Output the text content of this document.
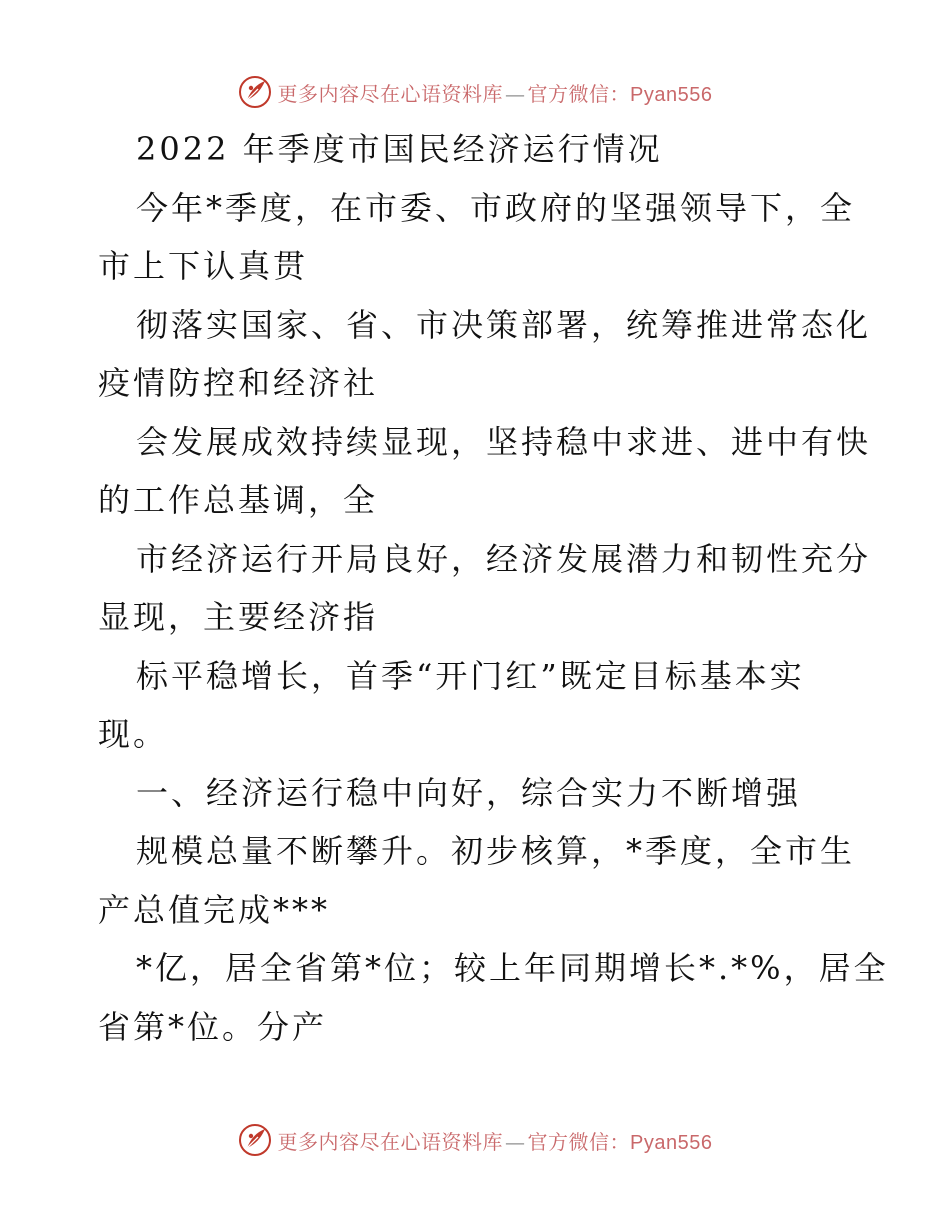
更多内容尽在心语资料库 — 官方微信：Pyan556
2022 年季度市国民经济运行情况
今年*季度，在市委、市政府的坚强领导下，全
市上下认真贯
彻落实国家、省、市决策部署，统筹推进常态化
疫情防控和经济社
会发展成效持续显现，坚持稳中求进、进中有快
的工作总基调，全
市经济运行开局良好，经济发展潜力和韧性充分
显现，主要经济指
标平稳增长，首季“开门红”既定目标基本实
现。
一、经济运行稳中向好，综合实力不断增强
规模总量不断攀升。初步核算，*季度，全市生
产总值完成***
*亿，居全省第*位；较上年同期增长*.*%，居全
省第*位。分产
更多内容尽在心语资料库 — 官方微信：Pyan556
